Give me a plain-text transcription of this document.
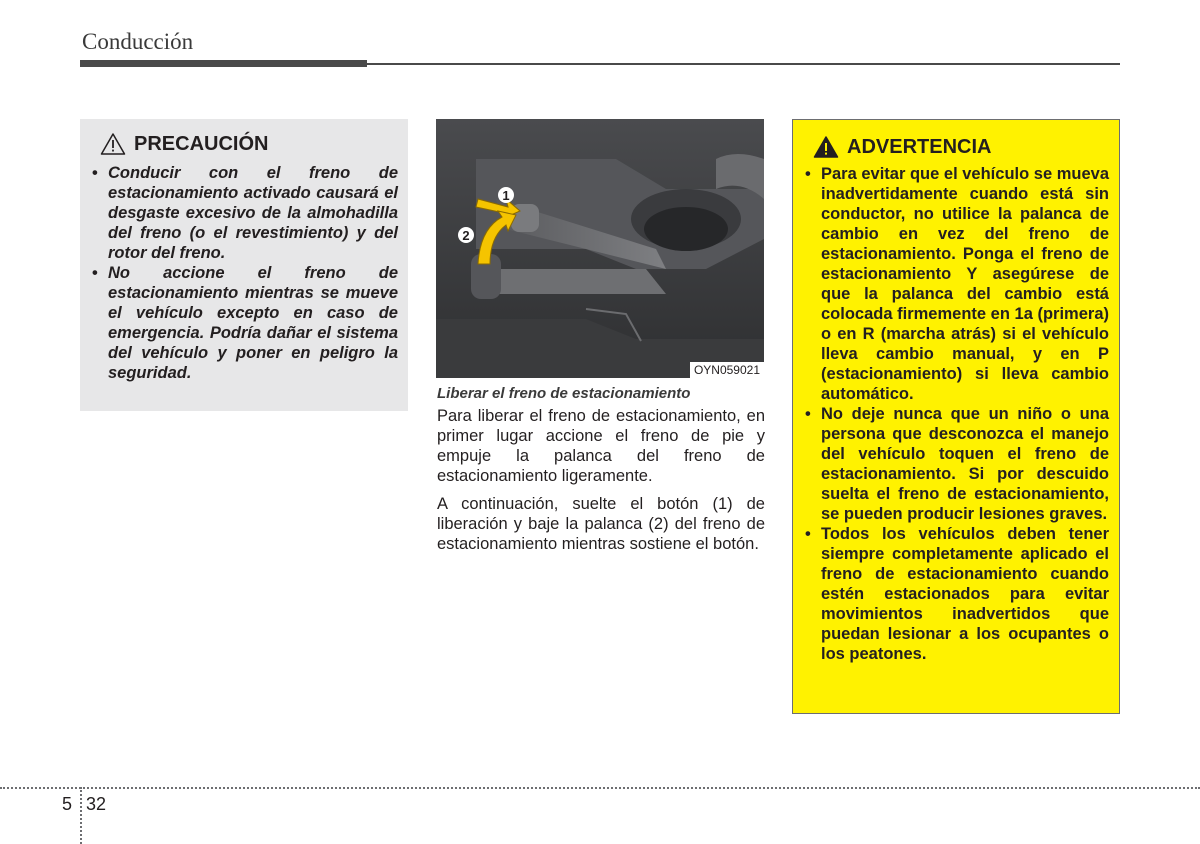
Conducción
PRECAUCIÓN
• Conducir con el freno de estacionamiento activado causará el desgaste excesivo de la almohadilla del freno (o el revestimiento) y del rotor del freno.
• No accione el freno de estacionamiento mientras se mueve el vehículo excepto en caso de emergencia. Podría dañar el sistema del vehículo y poner en peligro la seguridad.
1
2
OYN059021
Liberar el freno de estacionamiento

Para liberar el freno de estacionamiento, en primer lugar accione el freno de pie y empuje la palanca del freno de estacionamiento ligeramente.

A continuación, suelte el botón (1) de liberación y baje la palanca (2) del freno de estacionamiento mientras sostiene el botón.

ADVERTENCIA
• Para evitar que el vehículo se mueva inadvertidamente cuando está sin conductor, no utilice la palanca de cambio en vez del freno de estacionamiento. Ponga el freno de estacionamiento Y asegúrese de que la palanca del cambio está colocada firmemente en 1a (primera) o en R (marcha atrás) si el vehículo lleva cambio manual, y en P (estacionamiento) si lleva cambio automático.
• No deje nunca que un niño o una persona que desconozca el manejo del vehículo toquen el freno de estacionamiento. Si por descuido suelta el freno de estacionamiento, se pueden producir lesiones graves.
• Todos los vehículos deben tener siempre completamente aplicado el freno de estacionamiento cuando estén estacionados para evitar movimientos inadvertidos que puedan lesionar a los ocupantes o los peatones.
5 32
